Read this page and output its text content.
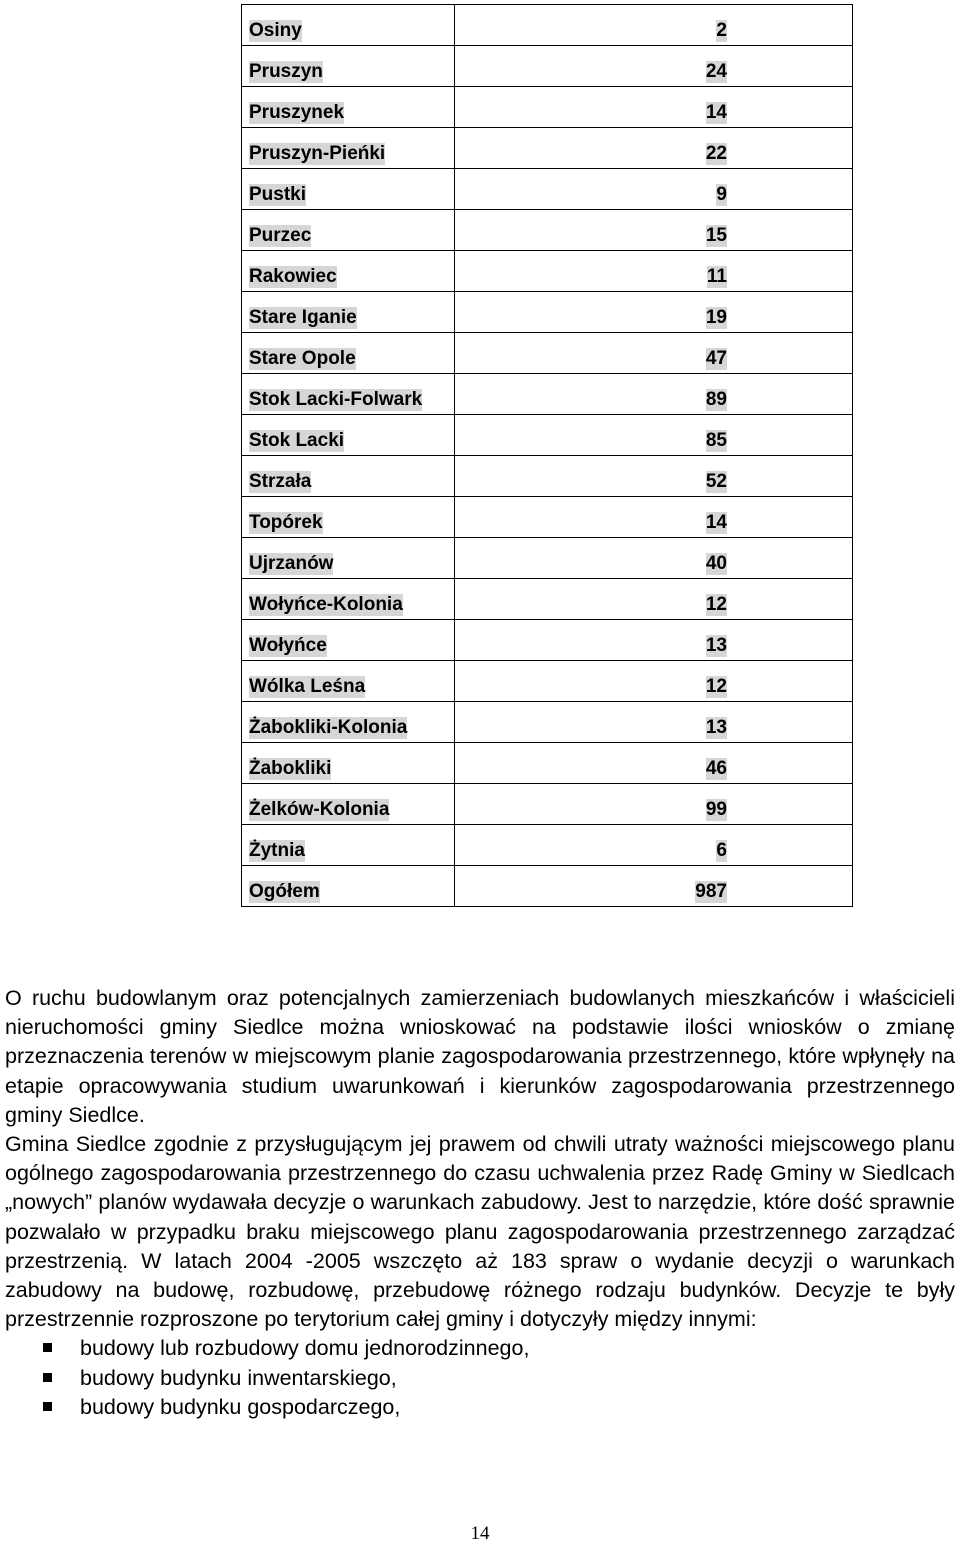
Osiny	2
Pruszyn	24
Pruszynek	14
Pruszyn-Pieńki	22
Pustki	9
Purzec	15
Rakowiec	11
Stare Iganie	19
Stare Opole	47
Stok Lacki-Folwark	89
Stok Lacki	85
Strzała	52
Topórek	14
Ujrzanów	40
Wołyńce-Kolonia	12
Wołyńce	13
Wólka Leśna	12
Żabokliki-Kolonia	13
Żabokliki	46
Żelków-Kolonia	99
Żytnia	6
Ogółem	987

O ruchu budowlanym oraz potencjalnych zamierzeniach budowlanych mieszkańców i właścicieli nieruchomości gminy Siedlce można wnioskować na podstawie ilości wniosków o zmianę przeznaczenia terenów w miejscowym planie zagospodarowania przestrzennego, które wpłynęły na etapie opracowywania studium uwarunkowań i kierunków zagospodarowania przestrzennego gminy Siedlce.

Gmina Siedlce zgodnie z przysługującym jej prawem od chwili utraty ważności miejscowego planu ogólnego zagospodarowania przestrzennego do czasu uchwalenia przez Radę Gminy w Siedlcach „nowych” planów wydawała decyzje o warunkach zabudowy. Jest to narzędzie, które dość sprawnie pozwalało w przypadku braku miejscowego planu zagospodarowania przestrzennego zarządzać przestrzenią. W latach 2004 -2005 wszczęto aż 183 spraw o wydanie decyzji o warunkach zabudowy na budowę, rozbudowę, przebudowę różnego rodzaju budynków. Decyzje te były przestrzennie rozproszone po terytorium całej gminy i dotyczyły między innymi:

budowy lub rozbudowy domu jednorodzinnego,
budowy budynku inwentarskiego,
budowy budynku gospodarczego,
14
